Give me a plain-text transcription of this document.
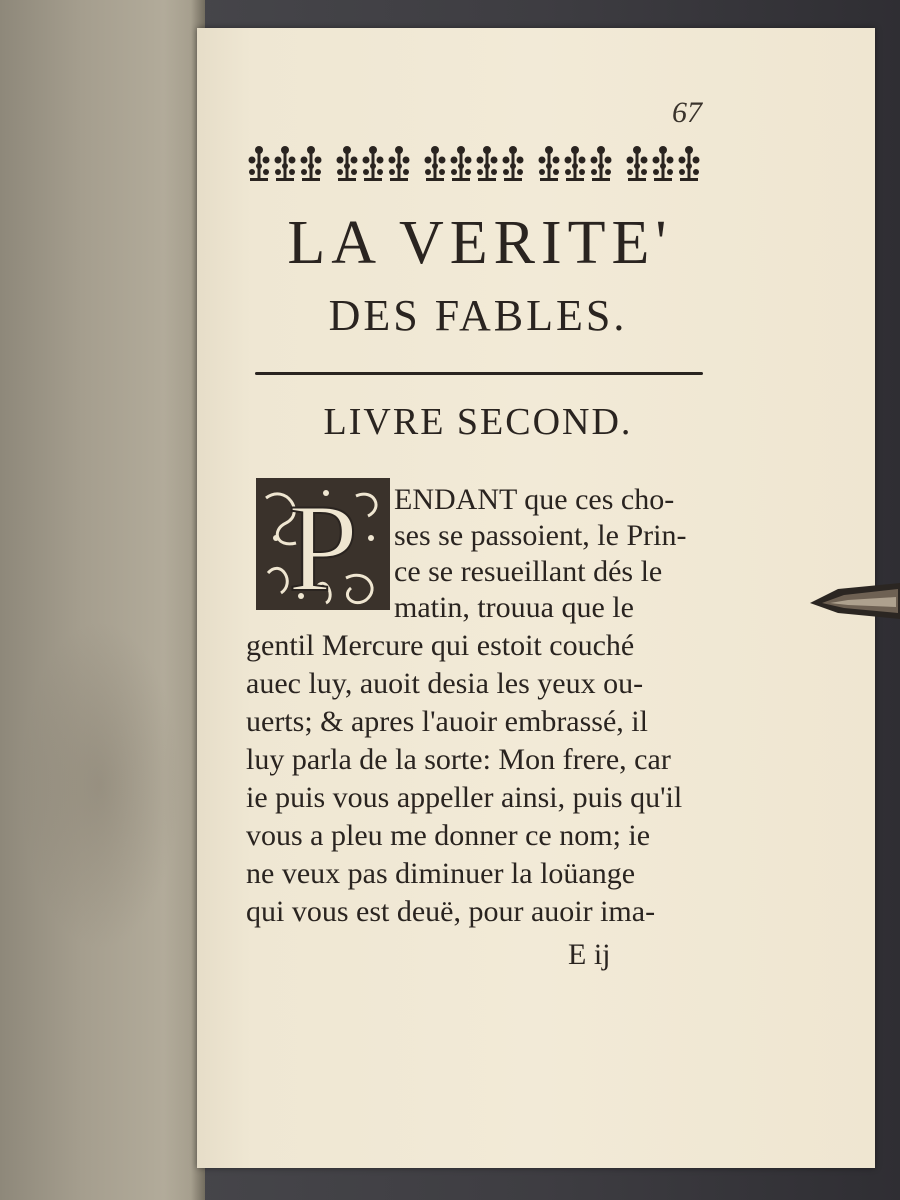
67
LA VERITE'
DES FABLES.
LIVRE SECOND.
P ENDANT que ces cho-
ses se passoient, le Prin-
ce se resueillant dés le
matin, trouua que le
gentil Mercure qui estoit couché
auec luy, auoit desia les yeux ou-
uerts; & apres l'auoir embrassé, il
luy parla de la sorte: Mon frere, car
ie puis vous appeller ainsi, puis qu'il
vous a pleu me donner ce nom; ie
ne veux pas diminuer la loüange
qui vous est deuë, pour auoir ima-
E ij
